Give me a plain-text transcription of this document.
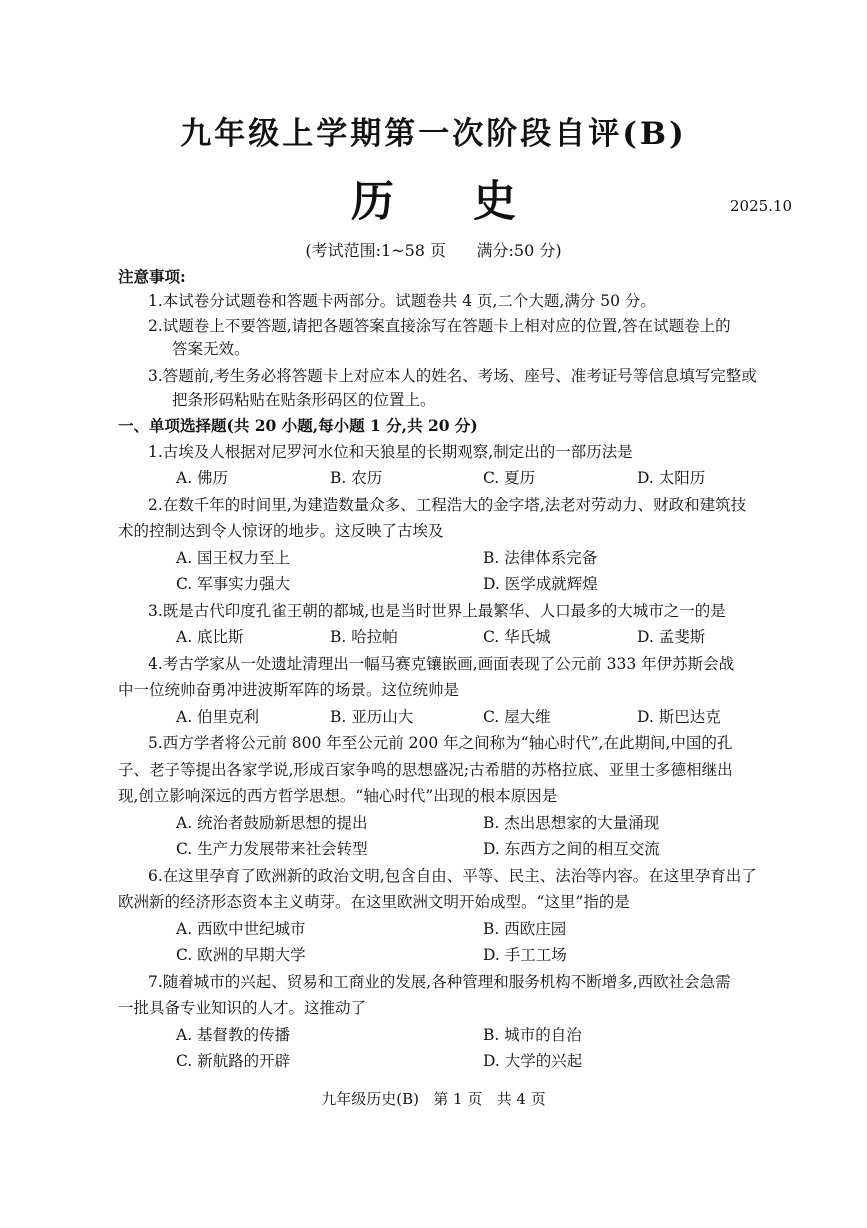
九年级上学期第一次阶段自评(B)
历 史	2025.10
(考试范围:1~58 页      满分:50 分)
注意事项:
1.本试卷分试题卷和答题卡两部分。试题卷共 4 页,二个大题,满分 50 分。
2.试题卷上不要答题,请把各题答案直接涂写在答题卡上相对应的位置,答在试题卷上的
答案无效。
3.答题前,考生务必将答题卡上对应本人的姓名、考场、座号、准考证号等信息填写完整或
把条形码粘贴在贴条形码区的位置上。
一、单项选择题(共 20 小题,每小题 1 分,共 20 分)
1.古埃及人根据对尼罗河水位和天狼星的长期观察,制定出的一部历法是
A. 佛历	B. 农历	C. 夏历	D. 太阳历
2.在数千年的时间里,为建造数量众多、工程浩大的金字塔,法老对劳动力、财政和建筑技
术的控制达到令人惊讶的地步。这反映了古埃及
A. 国王权力至上	B. 法律体系完备
C. 军事实力强大	D. 医学成就辉煌
3.既是古代印度孔雀王朝的都城,也是当时世界上最繁华、人口最多的大城市之一的是
A. 底比斯	B. 哈拉帕	C. 华氏城	D. 孟斐斯
4.考古学家从一处遗址清理出一幅马赛克镶嵌画,画面表现了公元前 333 年伊苏斯会战
中一位统帅奋勇冲进波斯军阵的场景。这位统帅是
A. 伯里克利	B. 亚历山大	C. 屋大维	D. 斯巴达克
5.西方学者将公元前 800 年至公元前 200 年之间称为“轴心时代”,在此期间,中国的孔
子、老子等提出各家学说,形成百家争鸣的思想盛况;古希腊的苏格拉底、亚里士多德相继出
现,创立影响深远的西方哲学思想。“轴心时代”出现的根本原因是
A. 统治者鼓励新思想的提出	B. 杰出思想家的大量涌现
C. 生产力发展带来社会转型	D. 东西方之间的相互交流
6.在这里孕育了欧洲新的政治文明,包含自由、平等、民主、法治等内容。在这里孕育出了
欧洲新的经济形态资本主义萌芽。在这里欧洲文明开始成型。“这里”指的是
A. 西欧中世纪城市	B. 西欧庄园
C. 欧洲的早期大学	D. 手工工场
7.随着城市的兴起、贸易和工商业的发展,各种管理和服务机构不断增多,西欧社会急需
一批具备专业知识的人才。这推动了
A. 基督教的传播	B. 城市的自治
C. 新航路的开辟	D. 大学的兴起
九年级历史(B)   第 1 页   共 4 页
